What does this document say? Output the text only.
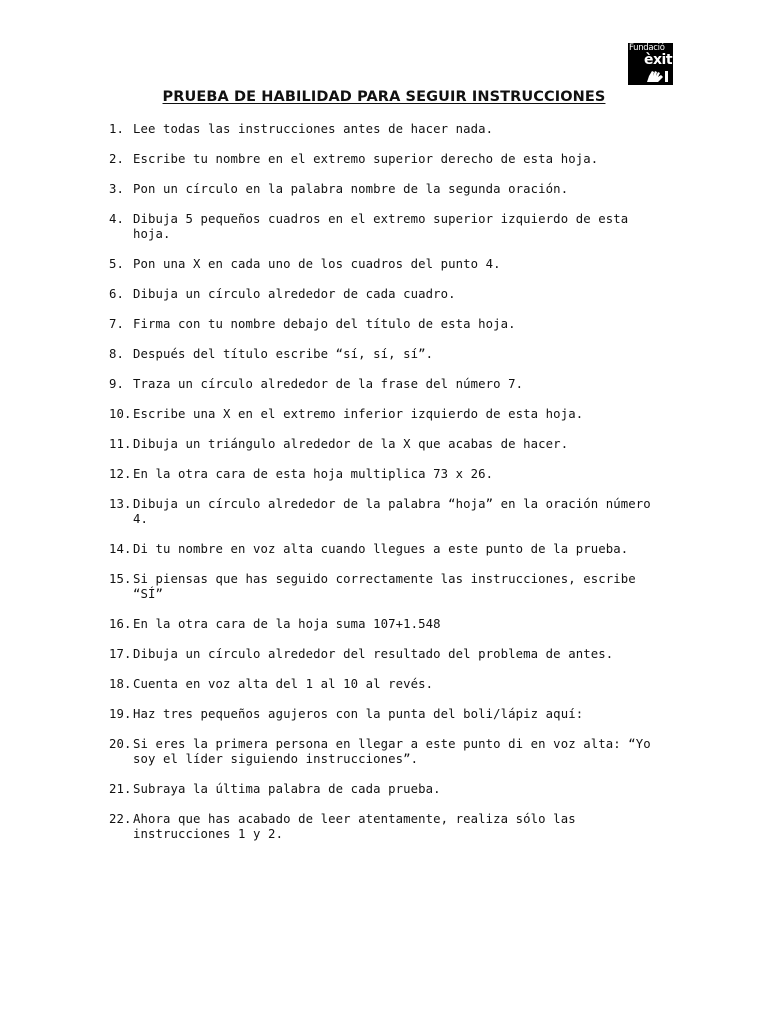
Fundació
èxit
PRUEBA DE HABILIDAD PARA SEGUIR INSTRUCCIONES
1. Lee todas las instrucciones antes de hacer nada.
2. Escribe tu nombre en el extremo superior derecho de esta hoja.
3. Pon un círculo en la palabra nombre de la segunda oración.
4. Dibuja 5 pequeños cuadros en el extremo superior izquierdo de esta hoja.
5. Pon una X en cada uno de los cuadros del punto 4.
6. Dibuja un círculo alrededor de cada cuadro.
7. Firma con tu nombre debajo del título de esta hoja.
8. Después del título escribe “sí, sí, sí”.
9. Traza un círculo alrededor de la frase del número 7.
10. Escribe una X en el extremo inferior izquierdo de esta hoja.
11. Dibuja un triángulo alrededor de la X que acabas de hacer.
12. En la otra cara de esta hoja multiplica 73 x 26.
13. Dibuja un círculo alrededor de la palabra “hoja” en la oración número 4.
14. Di tu nombre en voz alta cuando llegues a este punto de la prueba.
15. Si piensas que has seguido correctamente las instrucciones, escribe “SÍ”
16. En la otra cara de la hoja suma 107+1.548
17. Dibuja un círculo alrededor del resultado del problema de antes.
18. Cuenta en voz alta del 1 al 10 al revés.
19. Haz tres pequeños agujeros con la punta del boli/lápiz aquí:
20. Si eres la primera persona en llegar a este punto di en voz alta: “Yo soy el líder siguiendo instrucciones”.
21. Subraya la última palabra de cada prueba.
22. Ahora que has acabado de leer atentamente, realiza sólo las instrucciones 1 y 2.
